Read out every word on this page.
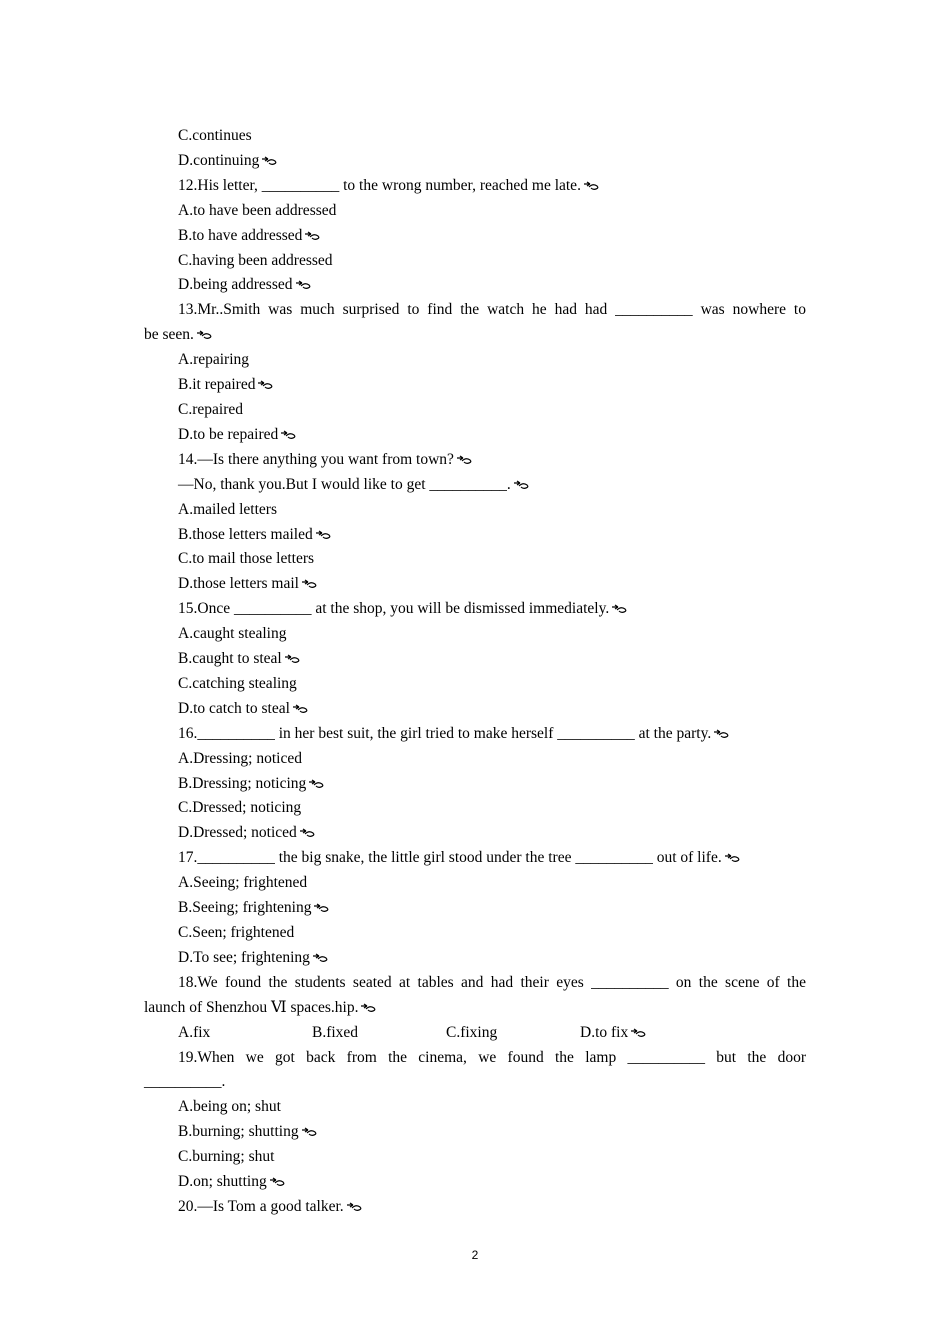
C.continues
D.continuing
12.His letter, __________ to the wrong number, reached me late.
A.to have been addressed
B.to have addressed
C.having been addressed
D.being addressed
13.Mr..Smith was much surprised to find the watch he had had __________ was nowhere to
be seen.
A.repairing
B.it repaired
C.repaired
D.to be repaired
14.—Is there anything you want from town?
—No, thank you.But I would like to get __________.
A.mailed letters
B.those letters mailed
C.to mail those letters
D.those letters mail
15.Once __________ at the shop, you will be dismissed immediately.
A.caught stealing
B.caught to steal
C.catching stealing
D.to catch to steal
16.__________ in her best suit, the girl tried to make herself __________ at the party.
A.Dressing; noticed
B.Dressing; noticing
C.Dressed; noticing
D.Dressed; noticed
17.__________ the big snake, the little girl stood under the tree __________ out of life.
A.Seeing; frightened
B.Seeing; frightening
C.Seen; frightened
D.To see; frightening
18.We found the students seated at tables and had their eyes __________ on the scene of the
launch of Shenzhou Ⅵ spaces.hip.
A.fix	B.fixed	C.fixing	D.to fix
19.When we got back from the cinema, we found the lamp __________ but the door
__________.
A.being on; shut
B.burning; shutting
C.burning; shut
D.on; shutting
20.—Is Tom a good talker.
2
